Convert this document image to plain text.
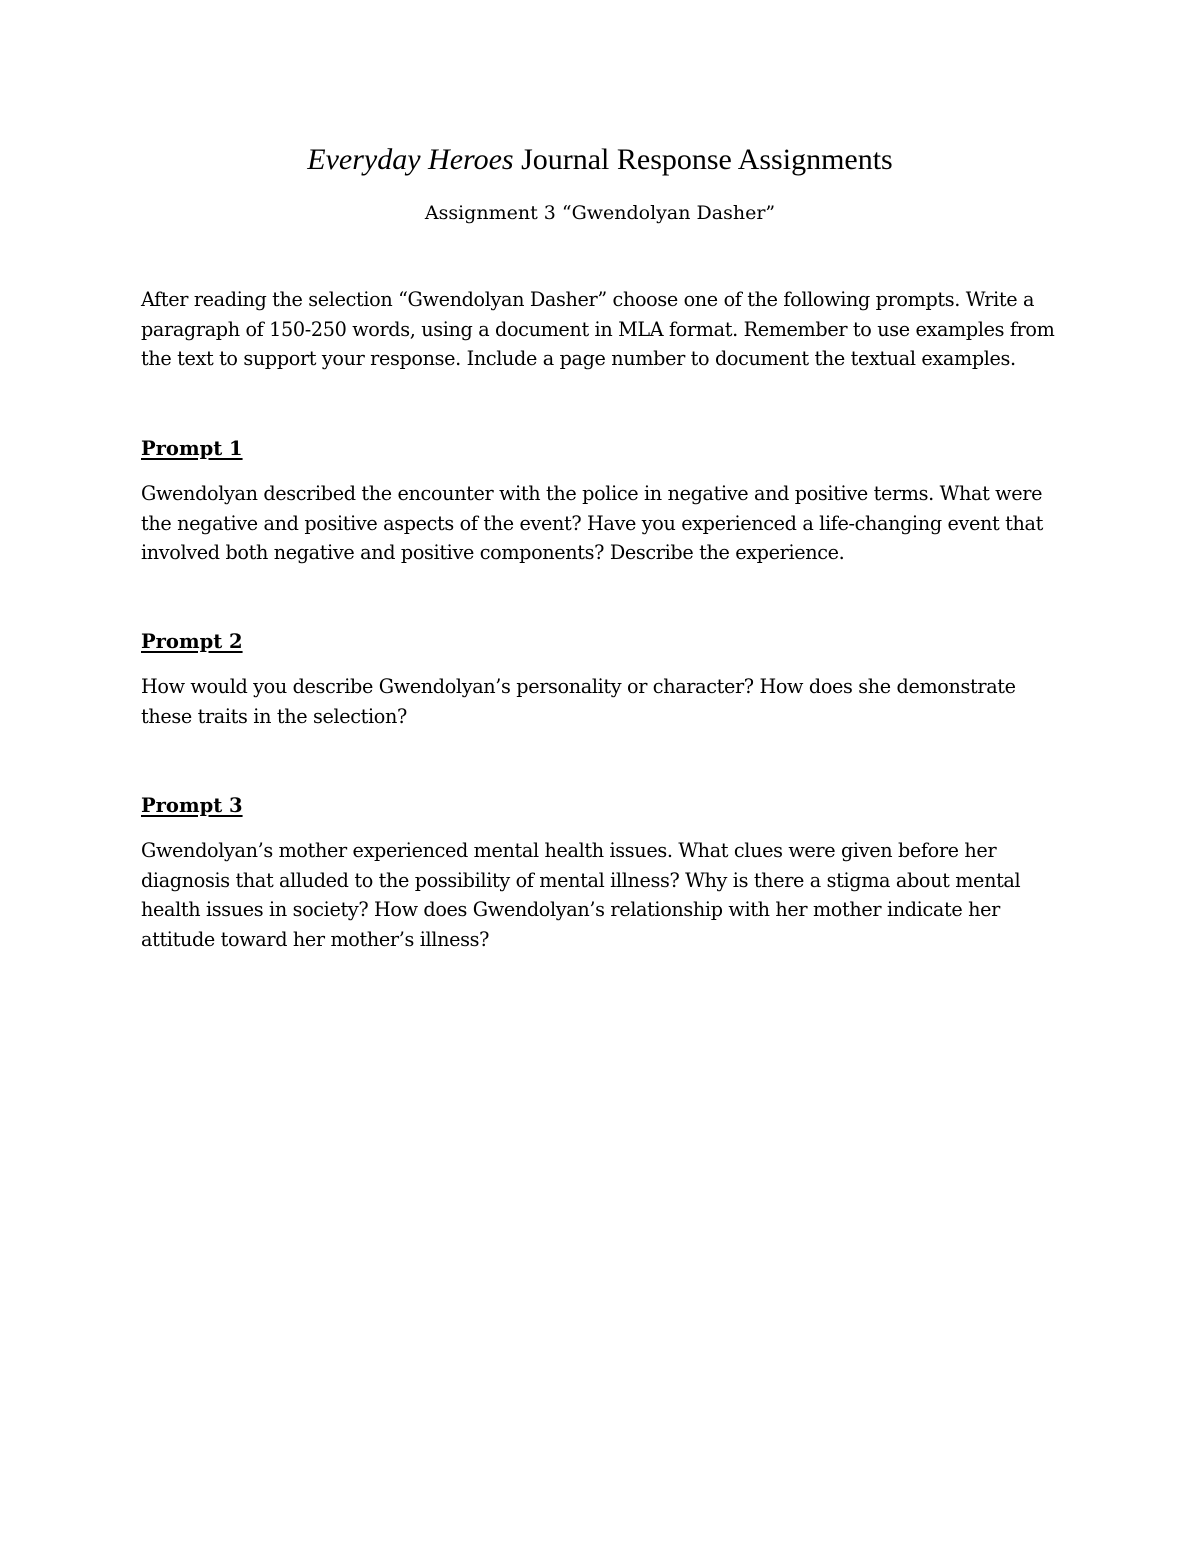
Everyday Heroes Journal Response Assignments
Assignment 3 “Gwendolyan Dasher”

After reading the selection “Gwendolyan Dasher” choose one of the following prompts. Write a
paragraph of 150-250 words, using a document in MLA format. Remember to use examples from
the text to support your response. Include a page number to document the textual examples.

Prompt 1

Gwendolyan described the encounter with the police in negative and positive terms. What were
the negative and positive aspects of the event? Have you experienced a life-changing event that
involved both negative and positive components? Describe the experience.

Prompt 2

How would you describe Gwendolyan’s personality or character? How does she demonstrate
these traits in the selection?

Prompt 3

Gwendolyan’s mother experienced mental health issues. What clues were given before her
diagnosis that alluded to the possibility of mental illness? Why is there a stigma about mental
health issues in society? How does Gwendolyan’s relationship with her mother indicate her
attitude toward her mother’s illness?
